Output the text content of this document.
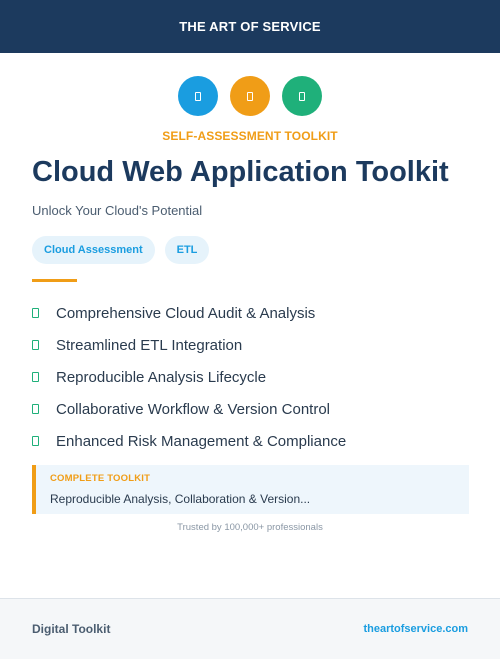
THE ART OF SERVICE
SELF-ASSESSMENT TOOLKIT
Cloud Web Application Toolkit
Unlock Your Cloud's Potential
Cloud Assessment	ETL
Comprehensive Cloud Audit & Analysis
Streamlined ETL Integration
Reproducible Analysis Lifecycle
Collaborative Workflow & Version Control
Enhanced Risk Management & Compliance
COMPLETE TOOLKIT
Reproducible Analysis, Collaboration & Version...
Trusted by 100,000+ professionals
Digital Toolkit	theartofservice.com
